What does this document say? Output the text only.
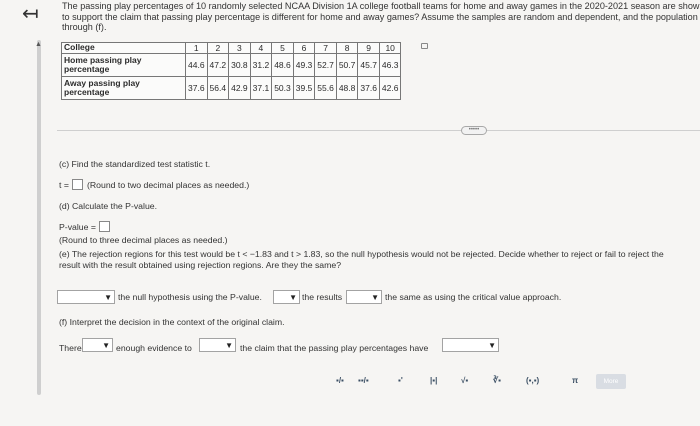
↤
▲
The passing play percentages of 10 randomly selected NCAA Division 1A college football teams for home and away games in the 2020-2021 season are show
to support the claim that passing play percentage is different for home and away games? Assume the samples are random and dependent, and the population
through (f).
College	1	2	3	4	5	6	7	8	9	10
Home passing play percentage	44.6	47.2	30.8	31.2	48.6	49.3	52.7	50.7	45.7	46.3
Away passing play percentage	37.6	56.4	42.9	37.1	50.3	39.5	55.6	48.8	37.6	42.6
•••••
(c) Find the standardized test statistic t.
t = (Round to two decimal places as needed.)
(d) Calculate the P-value.
P-value =
(Round to three decimal places as needed.)
(e) The rejection regions for this test would be t < −1.83 and t > 1.83, so the null hypothesis would not be rejected. Decide whether to reject or fail to reject the
result with the result obtained using rejection regions. Are they the same?
▼ the null hypothesis using the P-value.	▼ the results	▼ the same as using the critical value approach.
(f) Interpret the decision in the context of the original claim.
There	▼ enough evidence to	▼ the claim that the passing play percentages have	▼
▪/▪ ▪▪/▪	▪'	|▪|	√▪	∛▪	(▪,▪)	π	More
